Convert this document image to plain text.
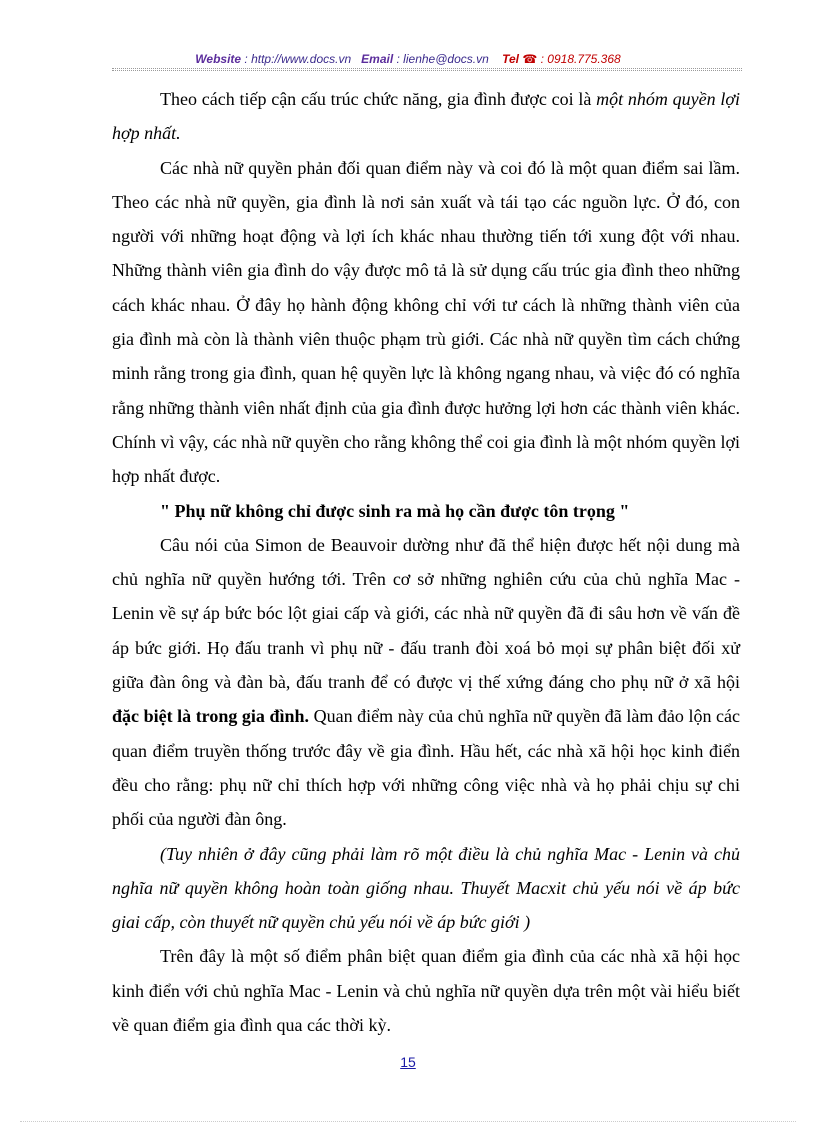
Website : http://www.docs.vn Email : lienhe@docs.vn Tel ☎ : 0918.775.368

Theo cách tiếp cận cấu trúc chức năng, gia đình được coi là một nhóm quyền lợi hợp nhất.

Các nhà nữ quyền phản đối quan điểm này và coi đó là một quan điểm sai lầm. Theo các nhà nữ quyền, gia đình là nơi sản xuất và tái tạo các nguồn lực. Ở đó, con người với những hoạt động và lợi ích khác nhau thường tiến tới xung đột với nhau. Những thành viên gia đình do vậy được mô tả là sử dụng cấu trúc gia đình theo những cách khác nhau. Ở đây họ hành động không chỉ với tư cách là những thành viên của gia đình mà còn là thành viên thuộc phạm trù giới. Các nhà nữ quyền tìm cách chứng minh rằng trong gia đình, quan hệ quyền lực là không ngang nhau, và việc đó có nghĩa rằng những thành viên nhất định của gia đình được hưởng lợi hơn các thành viên khác. Chính vì vậy, các nhà nữ quyền cho rằng không thể coi gia đình là một nhóm quyền lợi hợp nhất được.

" Phụ nữ không chỉ được sinh ra mà họ cần được tôn trọng "

Câu nói của Simon de Beauvoir dường như đã thể hiện được hết nội dung mà chủ nghĩa nữ quyền hướng tới. Trên cơ sở những nghiên cứu của chủ nghĩa Mac - Lenin về sự áp bức bóc lột giai cấp và giới, các nhà nữ quyền đã đi sâu hơn về vấn đề áp bức giới. Họ đấu tranh vì phụ nữ - đấu tranh đòi xoá bỏ mọi sự phân biệt đối xử giữa đàn ông và đàn bà, đấu tranh để có được vị thế xứng đáng cho phụ nữ ở xã hội đặc biệt là trong gia đình. Quan điểm này của chủ nghĩa nữ quyền đã làm đảo lộn các quan điểm truyền thống trước đây về gia đình. Hầu hết, các nhà xã hội học kinh điển đều cho rằng: phụ nữ chỉ thích hợp với những công việc nhà và họ phải chịu sự chi phối của người đàn ông.

(Tuy nhiên ở đây cũng phải làm rõ một điều là chủ nghĩa Mac - Lenin và chủ nghĩa nữ quyền không hoàn toàn giống nhau. Thuyết Macxit chủ yếu nói về áp bức giai cấp, còn thuyết nữ quyền chủ yếu nói về áp bức giới )

Trên đây là một số điểm phân biệt quan điểm gia đình của các nhà xã hội học kinh điển với chủ nghĩa Mac - Lenin và chủ nghĩa nữ quyền dựa trên một vài hiểu biết về quan điểm gia đình qua các thời kỳ.

15
